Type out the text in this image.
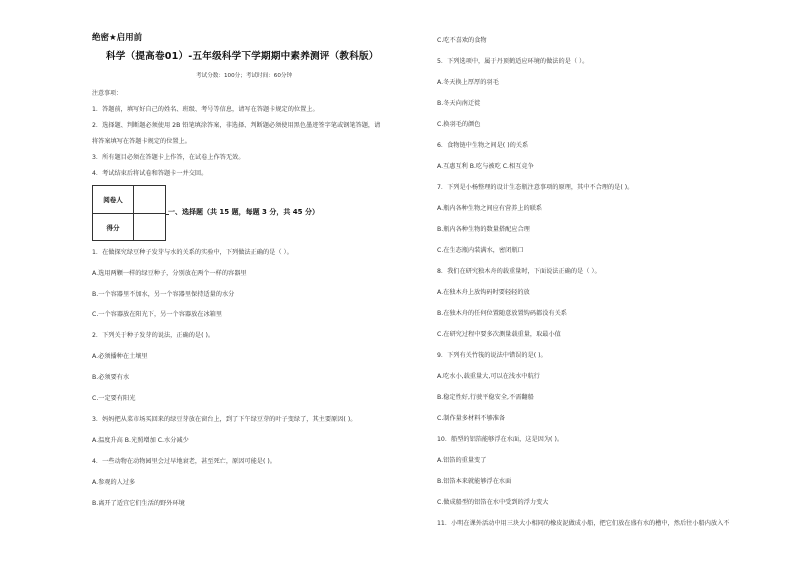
绝密★启用前
科学（提高卷01）-五年级科学下学期期中素养测评（教科版）
考试分数：100分；考试时间：60分钟
注意事项：
1．答题前，填写好自己的姓名、班级、考号等信息，请写在答题卡规定的位置上。
2．选择题、判断题必须使用 2B 铅笔填涂答案，非选择、判断题必须使用黑色墨迹签字笔或钢笔答题，请
将答案填写在答题卡规定的位置上。
3．所有题目必须在答题卡上作答，在试卷上作答无效。
4．考试结束后将试卷和答题卡一并交回。
阅卷人
得分
一、选择题（共 15 题，每题 3 分，共 45 分）
1．在做探究绿豆种子发芽与水的关系的实验中，下列做法正确的是（ ）。
A.选用两颗一样的绿豆种子，分别放在两个一样的容器里
B.一个容器里不加水，另一个容器里保持适量的水分
C.一个容器放在阳光下，另一个容器放在冰箱里
2．下列关于种子发芽的说法，正确的是( )。
A.必须播种在土壤里
B.必须要有水
C.一定要有阳光
3．妈妈把从菜市场买回来的绿豆芽放在窗台上，到了下午绿豆芽的叶子变绿了，其主要原因( )。
A.温度升高 B.光照增加 C.水分减少
4．一些动物在动物园里会过早地衰老，甚至死亡，原因可能是( )。
A.参观的人过多
B.离开了适宜它们生活的野外环境
C.吃不喜欢的食物
5．下列选项中，属于丹顶鹤适应环境的做法的是（ ）。
A.冬天换上厚厚的羽毛
B.冬天向南迁徙
C.换羽毛的颜色
6．食物链中生物之间是( )的关系
A.互惠互利 B.吃与被吃 C.相互竞争
7．下列是小杨整理的设计生态瓶注意事项的原理，其中不合理的是( )。
A.瓶内各种生物之间应有营养上的联系
B.瓶内各种生物的数量搭配应合理
C.在生态瓶内装满水，密闭瓶口
8．我们在研究独木舟的载重量时，下面说法正确的是（ ）。
A.在独木舟上放钩码时要轻轻的放
B.在独木舟的任何位置随意放置钩码都没有关系
C.在研究过程中要多次测量载重量，取最小值
9．下列有关竹筏的说法中错误的是( )。
A.吃水小,载重量大,可以在浅水中航行
B.稳定性好,行驶平稳安全,不需翻船
C.制作量多材料不够准备
10．船型的铝箔能够浮在水面，这是因为( )。
A.铝箔的重量变了
B.铝箔本来就能够浮在水面
C.做成船型的铝箔在水中受到的浮力变大
11．小明在课外活动中用三块大小相同的橡皮泥做成小船，把它们放在盛有水的槽中，然后往小船内放入不
